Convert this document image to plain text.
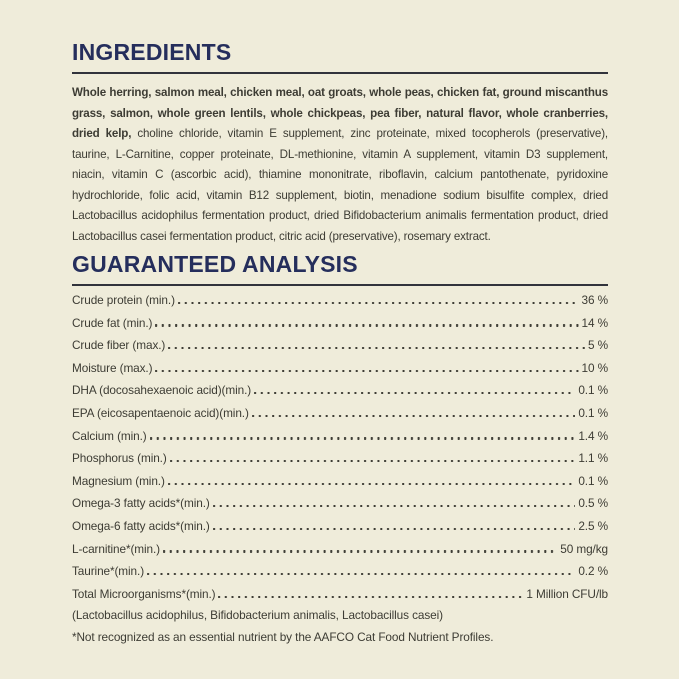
INGREDIENTS

Whole herring, salmon meal, chicken meal, oat groats, whole peas, chicken fat, ground miscanthus grass, salmon, whole green lentils, whole chickpeas, pea fiber, natural flavor, whole cranberries, dried kelp, choline chloride, vitamin E supplement, zinc proteinate, mixed tocopherols (preservative), taurine, L-Carnitine, copper proteinate, DL-methionine, vitamin A supplement, vitamin D3 supplement, niacin, vitamin C (ascorbic acid), thiamine mononitrate, riboflavin, calcium pantothenate, pyridoxine hydrochloride, folic acid, vitamin B12 supplement, biotin, menadione sodium bisulfite complex, dried Lactobacillus acidophilus fermentation product, dried Bifidobacterium animalis fermentation product, dried Lactobacillus casei fermentation product, citric acid (preservative), rosemary extract.

GUARANTEED ANALYSIS
Crude protein (min.)	36 %
Crude fat (min.)	14 %
Crude fiber (max.)	5 %
Moisture (max.)	10 %
DHA (docosahexaenoic acid)(min.)	0.1 %
EPA (eicosapentaenoic acid)(min.)	0.1 %
Calcium (min.)	1.4 %
Phosphorus (min.)	1.1 %
Magnesium (min.)	0.1 %
Omega-3 fatty acids*(min.)	0.5 %
Omega-6 fatty acids*(min.)	2.5 %
L-carnitine*(min.)	50 mg/kg
Taurine*(min.)	0.2 %
Total Microorganisms*(min.)	1 Million CFU/lb

(Lactobacillus acidophilus, Bifidobacterium animalis, Lactobacillus casei)

*Not recognized as an essential nutrient by the AAFCO Cat Food Nutrient Profiles.
